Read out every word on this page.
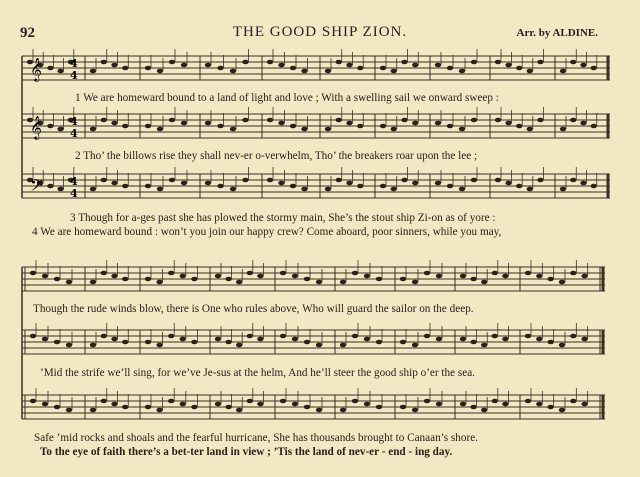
92	THE GOOD SHIP ZION.	Arr. by ALDINE.
𝄞	4
4
𝄞	4
4
𝄢 4
4
1 We are homeward bound to a land of light and love ; With a swelling sail we onward sweep :
2 Tho’ the billows rise they shall nev-er o-verwhelm, Tho’ the breakers roar upon the lee ;
3 Though for a-ges past she has plowed the stormy main, She’s the stout ship Zi-on as of yore :
4 We are homeward bound : won’t you join our happy crew? Come aboard, poor sinners, while you may,
Though the rude winds blow, there is One who rules above, Who will guard the sailor on the deep.
’Mid the strife we’ll sing, for we’ve Je-sus at the helm, And he’ll steer the good ship o’er the sea.
Safe ’mid rocks and shoals and the fearful hurricane, She has thousands brought to Canaan’s shore.
To the eye of faith there’s a bet-ter land in view ; ’Tis the land of nev-er - end - ing day.
